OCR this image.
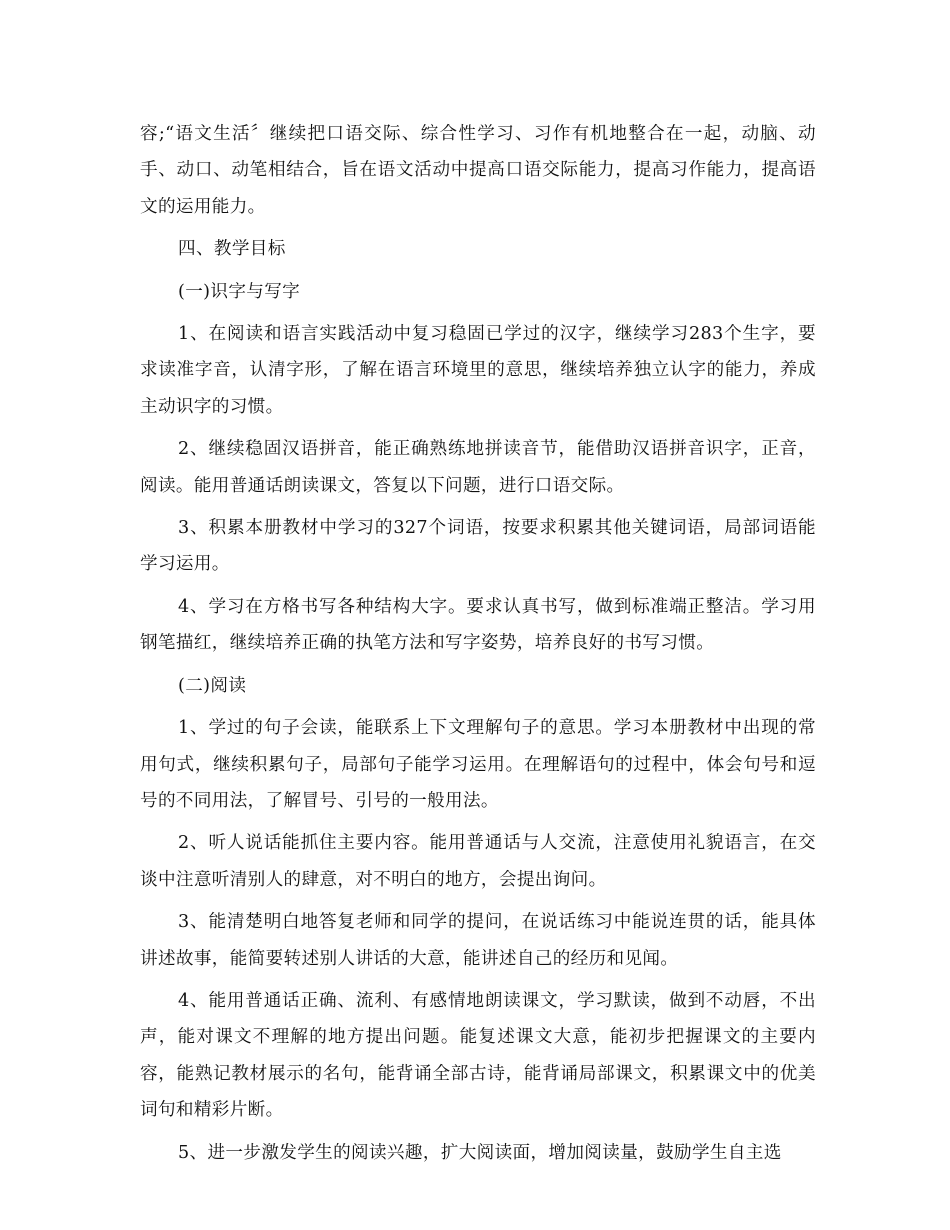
容;“语文生活〞继续把口语交际、综合性学习、习作有机地整合在一起，动脑、动手、动口、动笔相结合，旨在语文活动中提高口语交际能力，提高习作能力，提高语文的运用能力。

四、教学目标

(一)识字与写字

1、在阅读和语言实践活动中复习稳固已学过的汉字，继续学习283个生字，要求读准字音，认清字形，了解在语言环境里的意思，继续培养独立认字的能力，养成主动识字的习惯。

2、继续稳固汉语拼音，能正确熟练地拼读音节，能借助汉语拼音识字，正音，阅读。能用普通话朗读课文，答复以下问题，进行口语交际。

3、积累本册教材中学习的327个词语，按要求积累其他关键词语，局部词语能学习运用。

4、学习在方格书写各种结构大字。要求认真书写，做到标准端正整洁。学习用钢笔描红，继续培养正确的执笔方法和写字姿势，培养良好的书写习惯。

(二)阅读

1、学过的句子会读，能联系上下文理解句子的意思。学习本册教材中出现的常用句式，继续积累句子，局部句子能学习运用。在理解语句的过程中，体会句号和逗号的不同用法，了解冒号、引号的一般用法。

2、听人说话能抓住主要内容。能用普通话与人交流，注意使用礼貌语言，在交谈中注意听清别人的肆意，对不明白的地方，会提出询问。

3、能清楚明白地答复老师和同学的提问，在说话练习中能说连贯的话，能具体讲述故事，能简要转述别人讲话的大意，能讲述自己的经历和见闻。

4、能用普通话正确、流利、有感情地朗读课文，学习默读，做到不动唇，不出声，能对课文不理解的地方提出问题。能复述课文大意，能初步把握课文的主要内容，能熟记教材展示的名句，能背诵全部古诗，能背诵局部课文，积累课文中的优美词句和精彩片断。

5、进一步激发学生的阅读兴趣，扩大阅读面，增加阅读量，鼓励学生自主选
